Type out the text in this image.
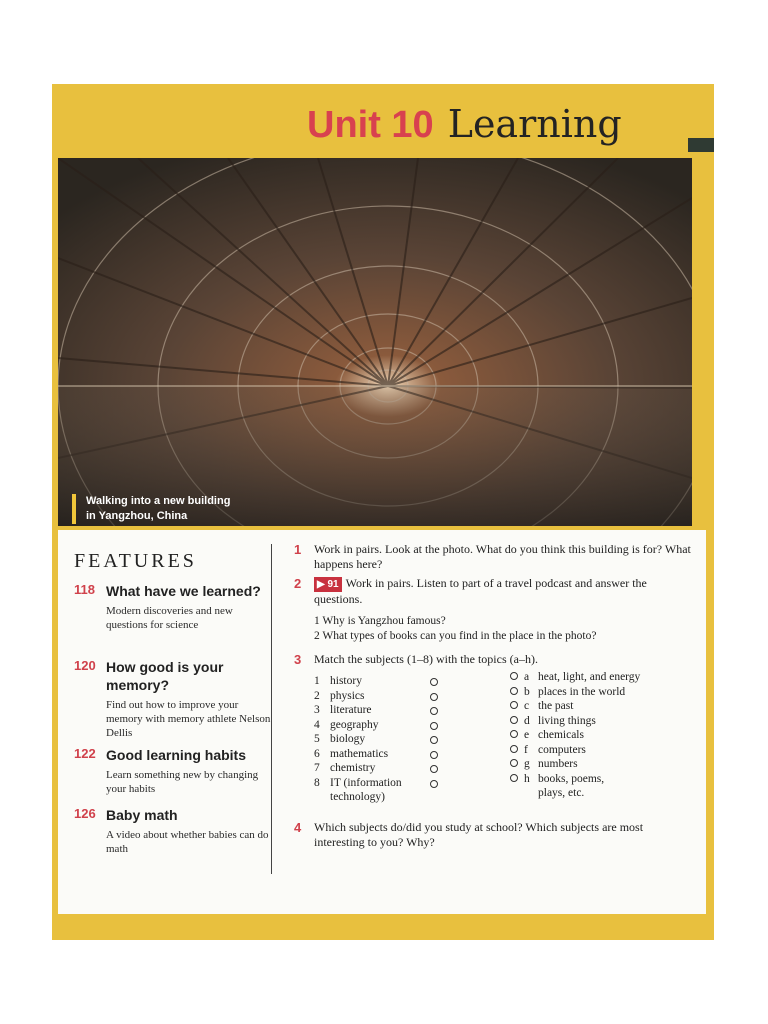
Unit 10 Learning
Walking into a new building
in Yangzhou, China
FEATURES
118 What have we learned?
Modern discoveries and new questions for science
120 How good is your memory?
Find out how to improve your memory with memory athlete Nelson Dellis
122 Good learning habits
Learn something new by changing your habits
126 Baby math
A video about whether babies can do math
1 Work in pairs. Look at the photo. What do you think this building is for? What happens here?
2	▶ 91 Work in pairs. Listen to part of a travel podcast and answer the questions.
1 Why is Yangzhou famous?
2 What types of books can you find in the place in the photo?
3 Match the subjects (1–8) with the topics (a–h).
1 history
2 physics
3 literature
4 geography
5 biology
6 mathematics
7 chemistry
8 IT (information
technology)
a heat, light, and energy
b places in the world
c the past
d living things
e chemicals
f computers
g numbers
h books, poems,
plays, etc.
4 Which subjects do/did you study at school? Which subjects are most interesting to you? Why?
